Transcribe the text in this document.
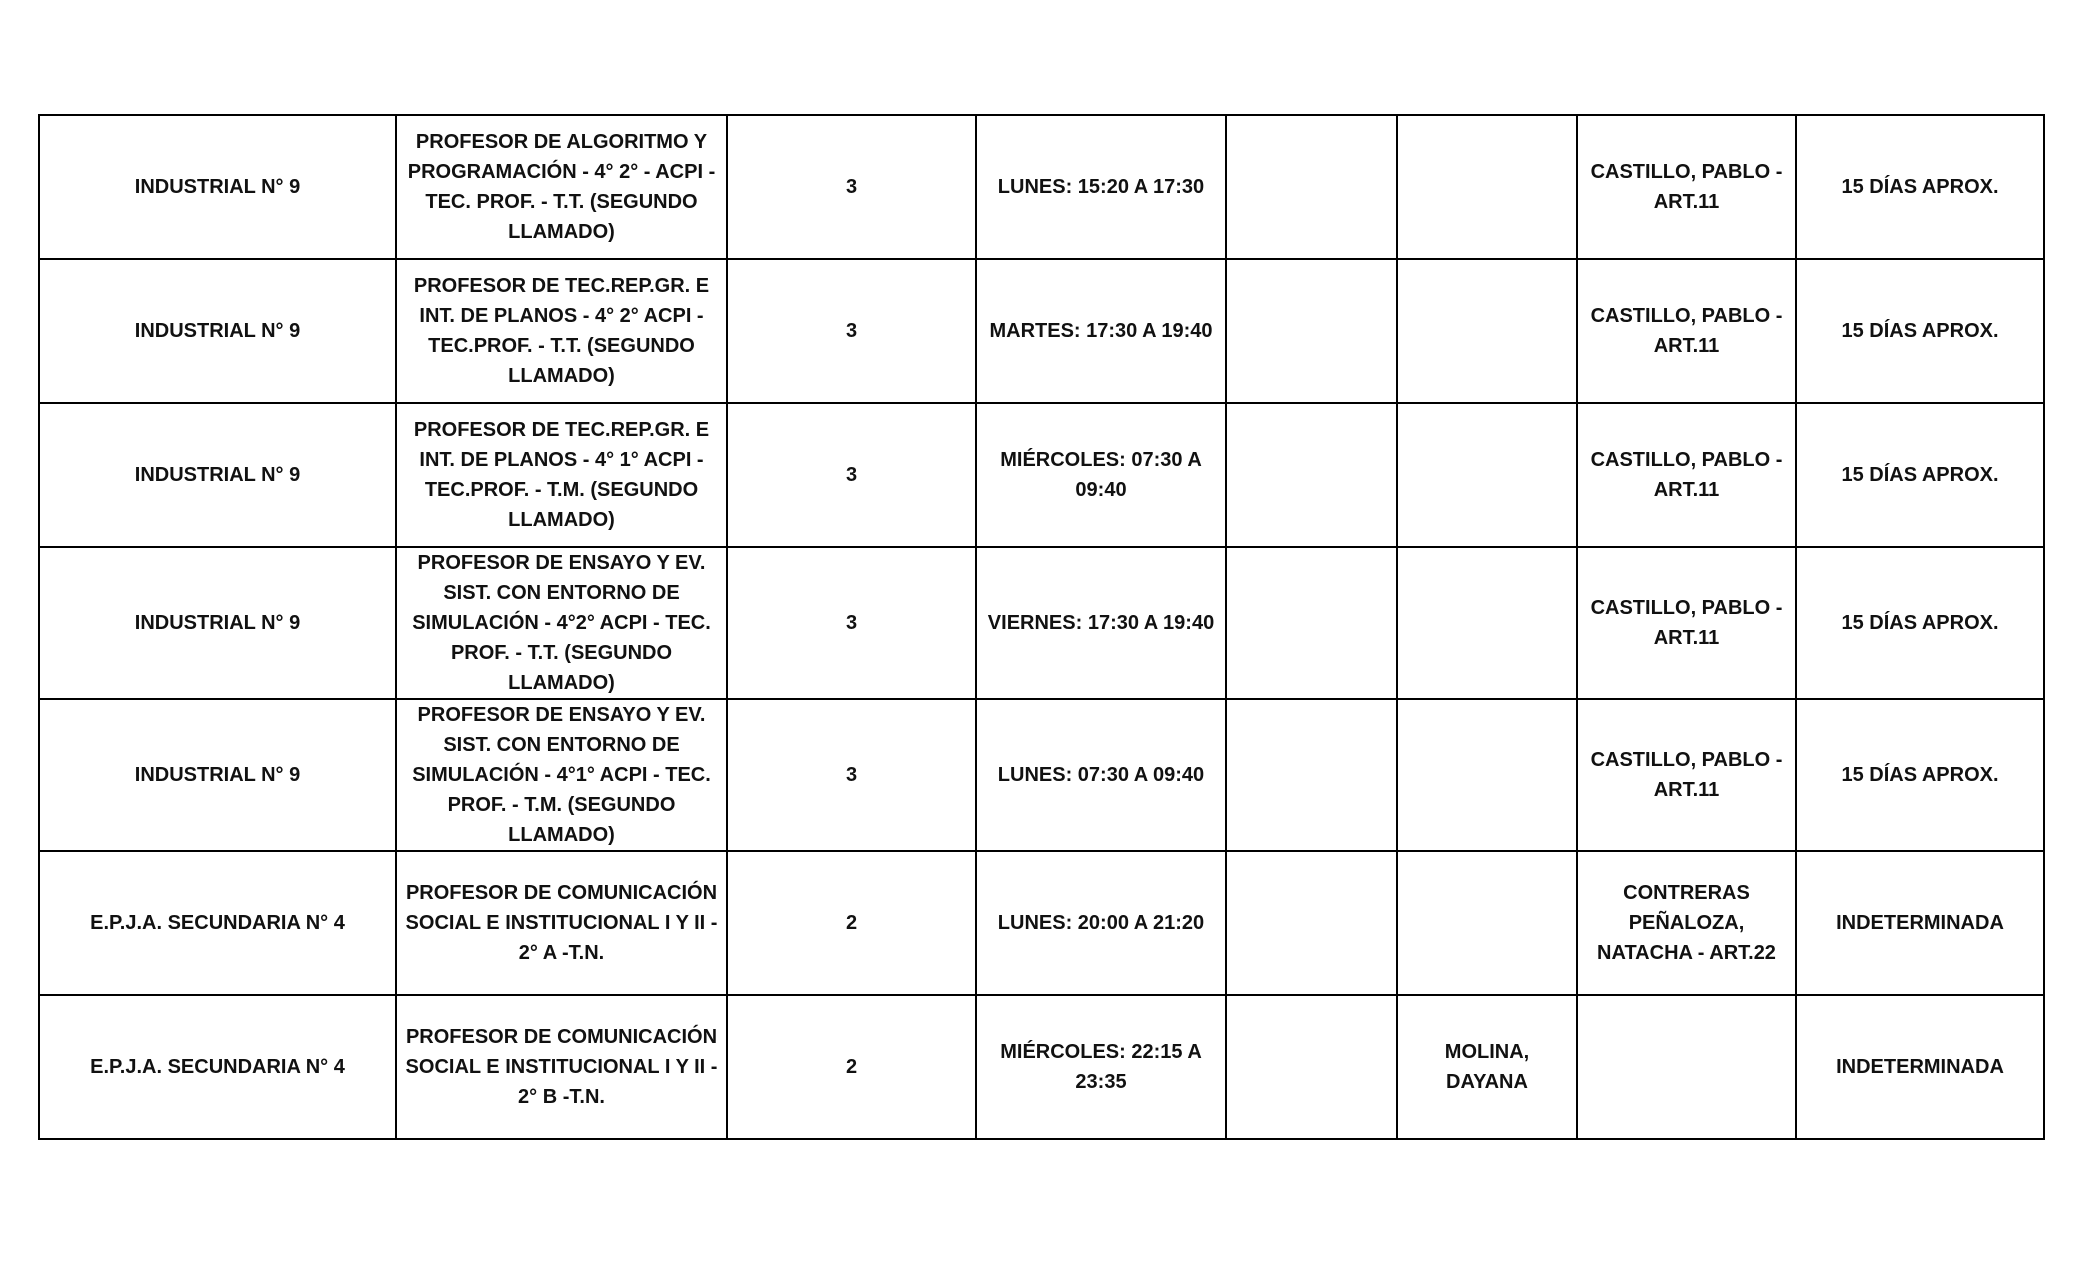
INDUSTRIAL N° 9	PROFESOR DE ALGORITMO Y PROGRAMACIÓN - 4° 2° - ACPI - TEC. PROF. - T.T. (SEGUNDO LLAMADO)	3	LUNES: 15:20 A 17:30			CASTILLO, PABLO - ART.11	15 DÍAS APROX.
INDUSTRIAL N° 9	PROFESOR DE TEC.REP.GR. E INT. DE PLANOS - 4° 2° ACPI - TEC.PROF. - T.T. (SEGUNDO LLAMADO)	3	MARTES: 17:30 A 19:40			CASTILLO, PABLO - ART.11	15 DÍAS APROX.
INDUSTRIAL N° 9	PROFESOR DE TEC.REP.GR. E INT. DE PLANOS - 4° 1° ACPI - TEC.PROF. - T.M. (SEGUNDO LLAMADO)	3	MIÉRCOLES: 07:30 A 09:40			CASTILLO, PABLO - ART.11	15 DÍAS APROX.
INDUSTRIAL N° 9	PROFESOR DE ENSAYO Y EV. SIST. CON ENTORNO DE SIMULACIÓN - 4°2° ACPI - TEC. PROF. - T.T. (SEGUNDO LLAMADO)	3	VIERNES: 17:30 A 19:40			CASTILLO, PABLO - ART.11	15 DÍAS APROX.
INDUSTRIAL N° 9	PROFESOR DE ENSAYO Y EV. SIST. CON ENTORNO DE SIMULACIÓN - 4°1° ACPI - TEC. PROF. - T.M. (SEGUNDO LLAMADO)	3	LUNES: 07:30 A 09:40			CASTILLO, PABLO - ART.11	15 DÍAS APROX.
E.P.J.A. SECUNDARIA N° 4	PROFESOR DE COMUNICACIÓN SOCIAL E INSTITUCIONAL I Y II - 2° A -T.N.	2	LUNES: 20:00 A 21:20			CONTRERAS PEÑALOZA, NATACHA - ART.22	INDETERMINADA
E.P.J.A. SECUNDARIA N° 4	PROFESOR DE COMUNICACIÓN SOCIAL E INSTITUCIONAL I Y II - 2° B -T.N.	2	MIÉRCOLES: 22:15 A 23:35		MOLINA, DAYANA		INDETERMINADA
